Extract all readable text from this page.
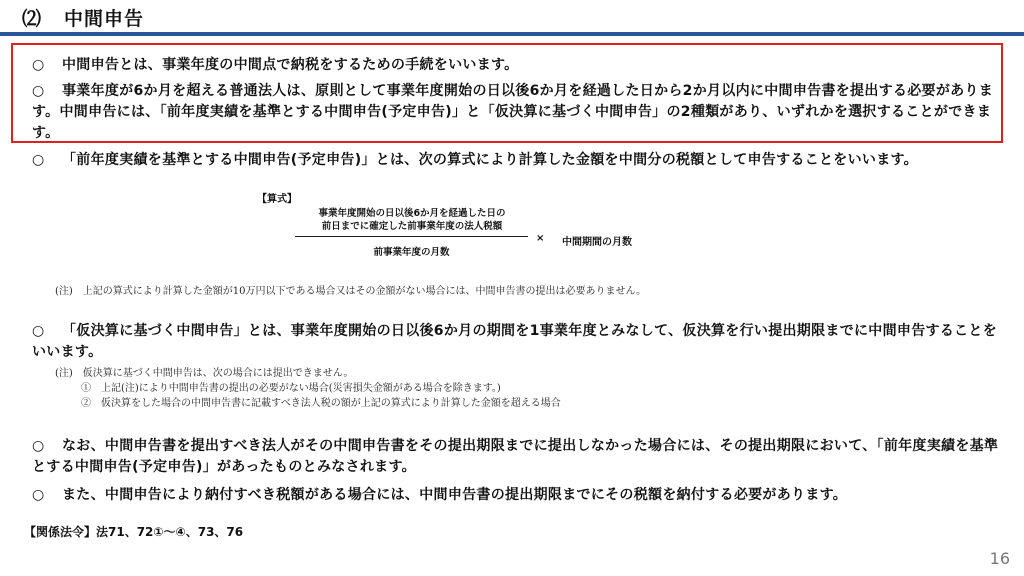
⑵ 中間申告
○	中間申告とは、事業年度の中間点で納税をするための手続をいいます。
○	事業年度が6か月を超える普通法人は、原則として事業年度開始の日以後6か月を経過した日から2か月以内に中間申告書を提出する必要があります。中間申告には、「前年度実績を基準とする中間申告(予定申告)」と「仮決算に基づく中間申告」の2種類があり、いずれかを選択することができます。
○	「前年度実績を基準とする中間申告(予定申告)」とは、次の算式により計算した金額を中間分の税額として申告することをいいます。
【算式】
事業年度開始の日以後6か月を経過した日の
前日までに確定した前事業年度の法人税額
前事業年度の月数
× 中間期間の月数
(注)　上記の算式により計算した金額が10万円以下である場合又はその金額がない場合には、中間申告書の提出は必要ありません。
○	「仮決算に基づく中間申告」とは、事業年度開始の日以後6か月の期間を1事業年度とみなして、仮決算を行い提出期限までに中間申告することをいいます。
(注)　仮決算に基づく中間申告は、次の場合には提出できません。
①　上記(注)により中間申告書の提出の必要がない場合(災害損失金額がある場合を除きます。)
②　仮決算をした場合の中間申告書に記載すべき法人税の額が上記の算式により計算した金額を超える場合
○	なお、中間申告書を提出すべき法人がその中間申告書をその提出期限までに提出しなかった場合には、その提出期限において、「前年度実績を基準とする中間申告(予定申告)」があったものとみなされます。
○	また、中間申告により納付すべき税額がある場合には、中間申告書の提出期限までにその税額を納付する必要があります。
【関係法令】法71、72①～④、73、76
16
